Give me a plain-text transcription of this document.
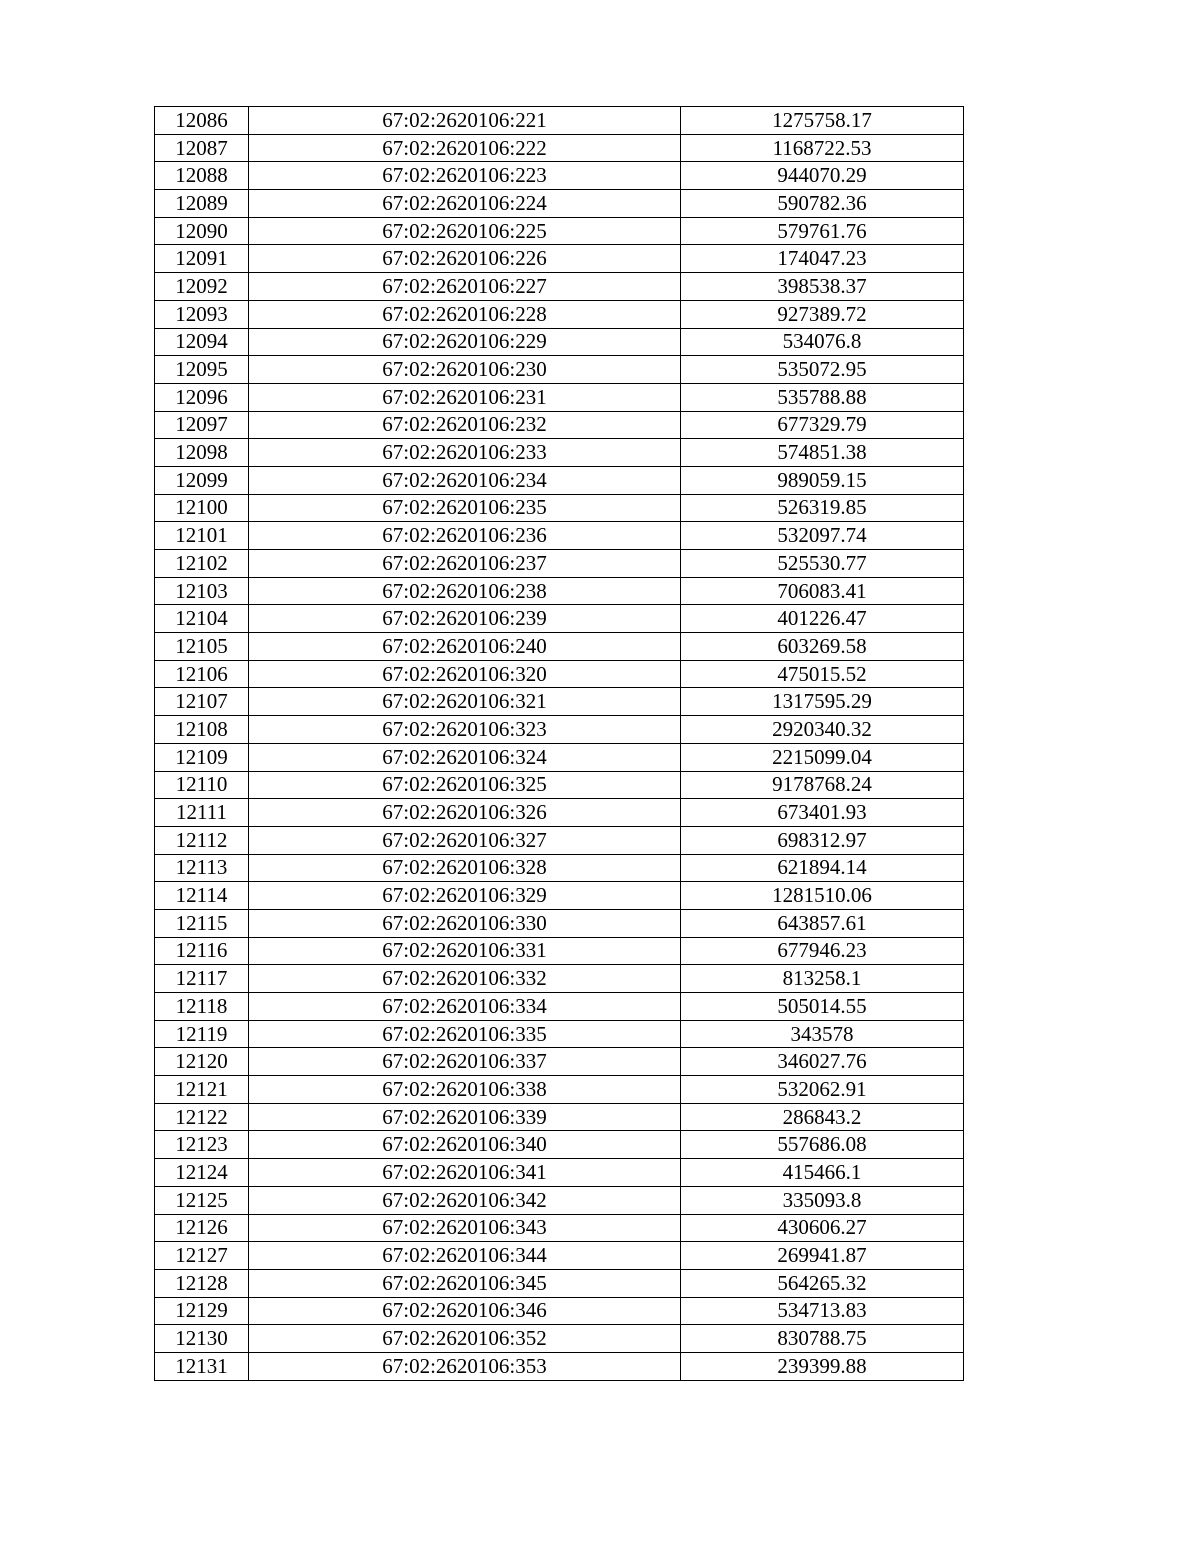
12086	67:02:2620106:221	1275758.17
12087	67:02:2620106:222	1168722.53
12088	67:02:2620106:223	944070.29
12089	67:02:2620106:224	590782.36
12090	67:02:2620106:225	579761.76
12091	67:02:2620106:226	174047.23
12092	67:02:2620106:227	398538.37
12093	67:02:2620106:228	927389.72
12094	67:02:2620106:229	534076.8
12095	67:02:2620106:230	535072.95
12096	67:02:2620106:231	535788.88
12097	67:02:2620106:232	677329.79
12098	67:02:2620106:233	574851.38
12099	67:02:2620106:234	989059.15
12100	67:02:2620106:235	526319.85
12101	67:02:2620106:236	532097.74
12102	67:02:2620106:237	525530.77
12103	67:02:2620106:238	706083.41
12104	67:02:2620106:239	401226.47
12105	67:02:2620106:240	603269.58
12106	67:02:2620106:320	475015.52
12107	67:02:2620106:321	1317595.29
12108	67:02:2620106:323	2920340.32
12109	67:02:2620106:324	2215099.04
12110	67:02:2620106:325	9178768.24
12111	67:02:2620106:326	673401.93
12112	67:02:2620106:327	698312.97
12113	67:02:2620106:328	621894.14
12114	67:02:2620106:329	1281510.06
12115	67:02:2620106:330	643857.61
12116	67:02:2620106:331	677946.23
12117	67:02:2620106:332	813258.1
12118	67:02:2620106:334	505014.55
12119	67:02:2620106:335	343578
12120	67:02:2620106:337	346027.76
12121	67:02:2620106:338	532062.91
12122	67:02:2620106:339	286843.2
12123	67:02:2620106:340	557686.08
12124	67:02:2620106:341	415466.1
12125	67:02:2620106:342	335093.8
12126	67:02:2620106:343	430606.27
12127	67:02:2620106:344	269941.87
12128	67:02:2620106:345	564265.32
12129	67:02:2620106:346	534713.83
12130	67:02:2620106:352	830788.75
12131	67:02:2620106:353	239399.88
